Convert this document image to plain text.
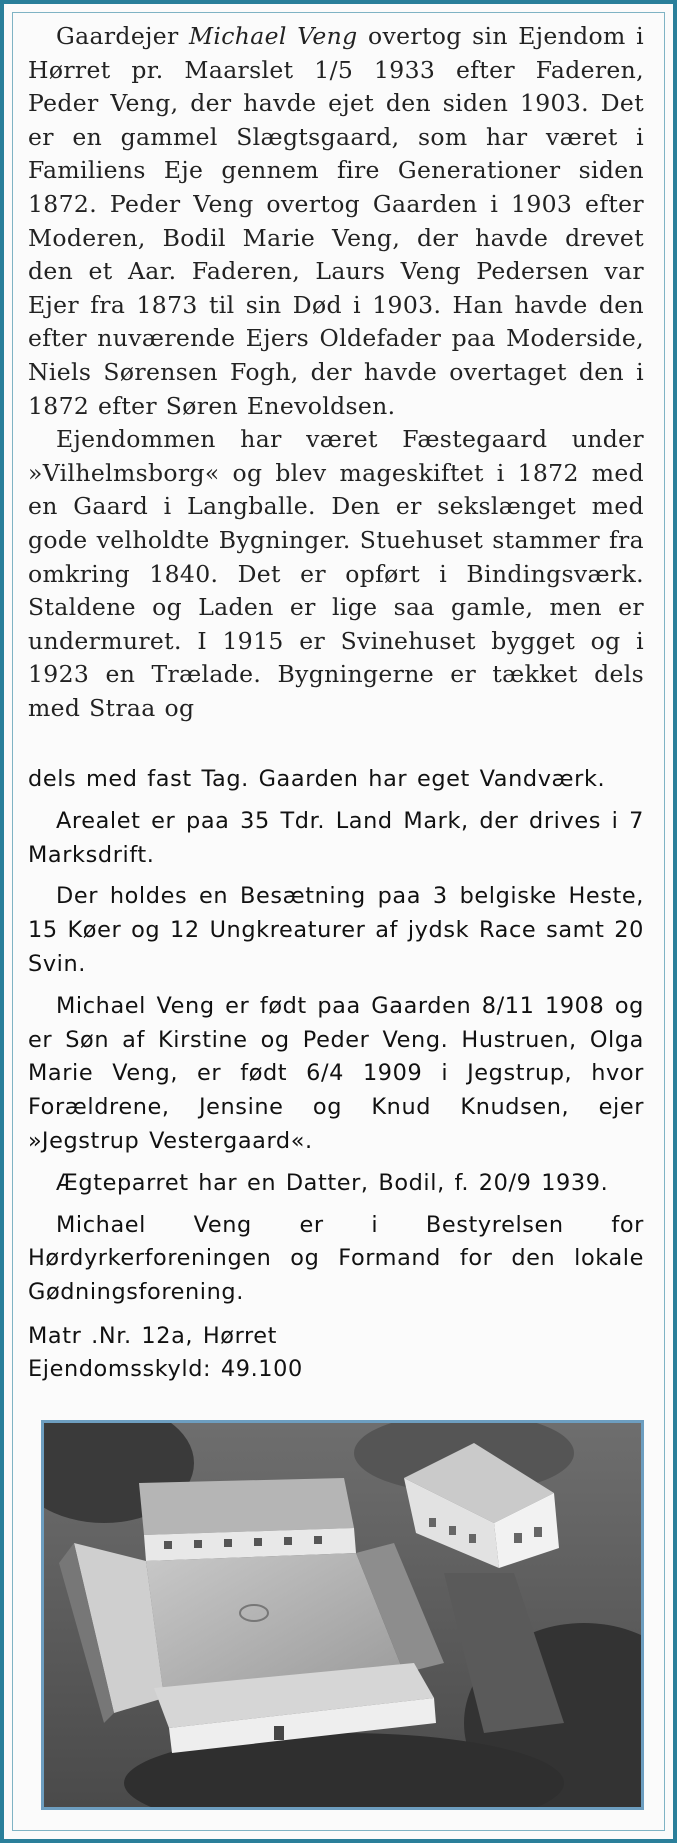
Gaardejer Michael Veng overtog sin Ejendom i Hørret pr. Maarslet 1/5 1933 efter Faderen, Peder Veng, der havde ejet den siden 1903. Det er en gammel Slægtsgaard, som har været i Familiens Eje gennem fire Generationer siden 1872. Peder Veng overtog Gaarden i 1903 efter Moderen, Bodil Marie Veng, der havde drevet den et Aar. Faderen, Laurs Veng Pedersen var Ejer fra 1873 til sin Død i 1903. Han havde den efter nuværende Ejers Oldefader paa Moderside, Niels Sørensen Fogh, der havde overtaget den i 1872 efter Søren Enevoldsen.

Ejendommen har været Fæstegaard under »Vilhelmsborg« og blev mageskiftet i 1872 med en Gaard i Langballe. Den er sekslænget med gode velholdte Bygninger. Stuehuset stammer fra omkring 1840. Det er opført i Bindingsværk. Staldene og Laden er lige saa gamle, men er undermuret. I 1915 er Svinehuset bygget og i 1923 en Trælade. Bygningerne er tækket dels med Straa og

dels med fast Tag. Gaarden har eget Vandværk.

Arealet er paa 35 Tdr. Land Mark, der drives i 7 Marksdrift.

Der holdes en Besætning paa 3 belgiske Heste, 15 Køer og 12 Ungkreaturer af jydsk Race samt 20 Svin.

Michael Veng er født paa Gaarden 8/11 1908 og er Søn af Kirstine og Peder Veng. Hustruen, Olga Marie Veng, er født 6/4 1909 i Jegstrup, hvor Forældrene, Jensine og Knud Knudsen, ejer »Jegstrup Vestergaard«.

Ægteparret har en Datter, Bodil, f. 20/9 1939.

Michael Veng er i Bestyrelsen for Hørdyrkerforeningen og Formand for den lokale Gødningsforening.

Matr .Nr. 12a, Hørret
Ejendomsskyld: 49.100
